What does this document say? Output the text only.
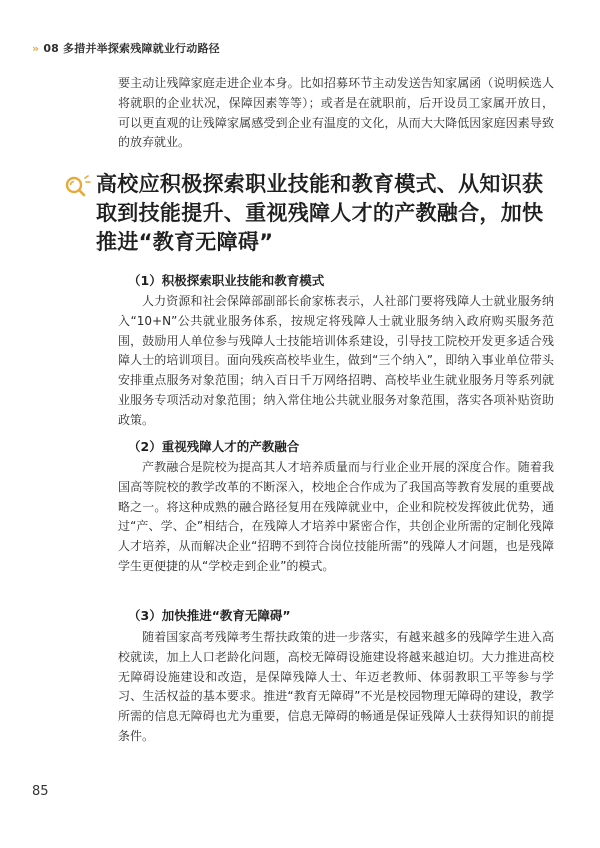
» 08 多措并举探索残障就业行动路径

要主动让残障家庭走进企业本身。比如招募环节主动发送告知家属函（说明候选人将就职的企业状况，保障因素等等）；或者是在就职前，后开设员工家属开放日，可以更直观的让残障家属感受到企业有温度的文化，从而大大降低因家庭因素导致的放弃就业。

高校应积极探索职业技能和教育模式、从知识获取到技能提升、重视残障人才的产教融合，加快推进“教育无障碍”
（1）积极探索职业技能和教育模式

人力资源和社会保障部副部长俞家栋表示，人社部门要将残障人士就业服务纳入“10+N”公共就业服务体系，按规定将残障人士就业服务纳入政府购买服务范围，鼓励用人单位参与残障人士技能培训体系建设，引导技工院校开发更多适合残障人士的培训项目。面向残疾高校毕业生，做到“三个纳入”，即纳入事业单位带头安排重点服务对象范围；纳入百日千万网络招聘、高校毕业生就业服务月等系列就业服务专项活动对象范围；纳入常住地公共就业服务对象范围，落实各项补贴资助政策。

（2）重视残障人才的产教融合

产教融合是院校为提高其人才培养质量而与行业企业开展的深度合作。随着我国高等院校的教学改革的不断深入，校地企合作成为了我国高等教育发展的重要战略之一。将这种成熟的融合路径复用在残障就业中，企业和院校发挥彼此优势，通过“产、学、企”相结合，在残障人才培养中紧密合作，共创企业所需的定制化残障人才培养，从而解决企业“招聘不到符合岗位技能所需”的残障人才问题，也是残障学生更便捷的从“学校走到企业”的模式。

（3）加快推进“教育无障碍”

随着国家高考残障考生帮扶政策的进一步落实，有越来越多的残障学生进入高校就读，加上人口老龄化问题，高校无障碍设施建设将越来越迫切。大力推进高校无障碍设施建设和改造，是保障残障人士、年迈老教师、体弱教职工平等参与学习、生活权益的基本要求。推进“教育无障碍”不光是校园物理无障碍的建设，教学所需的信息无障碍也尤为重要，信息无障碍的畅通是保证残障人士获得知识的前提条件。

85
